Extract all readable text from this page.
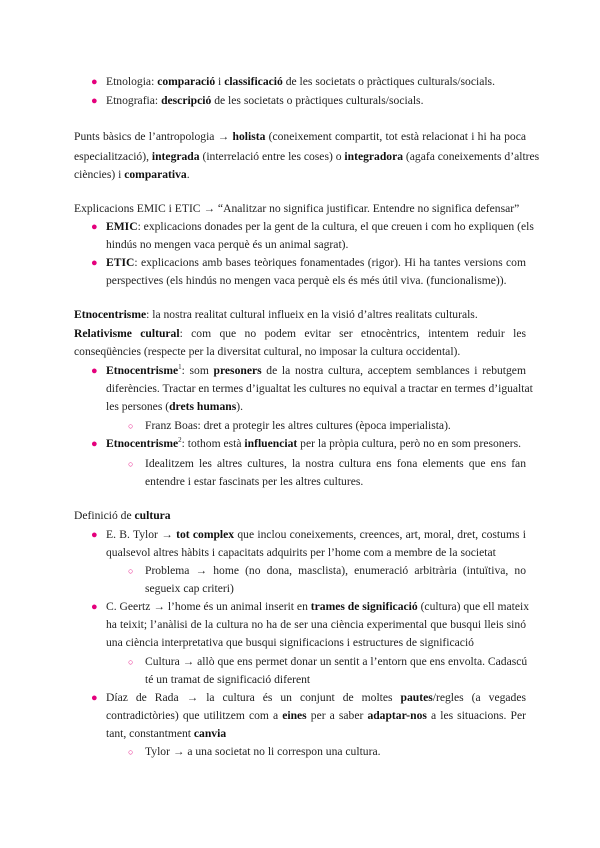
● Etnologia: comparació i classificació de les societats o pràctiques culturals/socials.
● Etnografia: descripció de les societats o pràctiques culturals/socials.
Punts bàsics de l’antropologia → holista (coneixement compartit, tot està relacionat i hi ha poca
especialització), integrada (interrelació entre les coses) o integradora (agafa coneixements d’altres
ciències) i comparativa.
Explicacions EMIC i ETIC → “Analitzar no significa justificar. Entendre no significa defensar”
● EMIC: explicacions donades per la gent de la cultura, el que creuen i com ho expliquen (els
hindús no mengen vaca perquè és un animal sagrat).
● ETIC: explicacions amb bases teòriques fonamentades (rigor). Hi ha tantes versions com
perspectives (els hindús no mengen vaca perquè els és més útil viva. (funcionalisme)).
Etnocentrisme: la nostra realitat cultural influeix en la visió d’altres realitats culturals.
Relativisme cultural: com que no podem evitar ser etnocèntrics, intentem reduir les
conseqüències (respecte per la diversitat cultural, no imposar la cultura occidental).
● Etnocentrisme$^1$: som presoners de la nostra cultura, acceptem semblances i rebutgem
diferències. Tractar en termes d’igualtat les cultures no equival a tractar en termes d’igualtat
les persones (drets humans).
○ Franz Boas: dret a protegir les altres cultures (època imperialista).
● Etnocentrisme$^2$: tothom està influenciat per la pròpia cultura, però no en som presoners.
○ Idealitzem les altres cultures, la nostra cultura ens fona elements que ens fan
entendre i estar fascinats per les altres cultures.
Definició de cultura
● E. B. Tylor → tot complex que inclou coneixements, creences, art, moral, dret, costums i
qualsevol altres hàbits i capacitats adquirits per l’home com a membre de la societat
○ Problema → home (no dona, masclista), enumeració arbitrària (intuïtiva, no
segueix cap criteri)
● C. Geertz → l’home és un animal inserit en trames de significació (cultura) que ell mateix
ha teixit; l’anàlisi de la cultura no ha de ser una ciència experimental que busqui lleis sinó
una ciència interpretativa que busqui significacions i estructures de significació
○ Cultura → allò que ens permet donar un sentit a l’entorn que ens envolta. Cadascú
té un tramat de significació diferent
● Díaz de Rada → la cultura és un conjunt de moltes pautes/regles (a vegades
contradictòries) que utilitzem com a eines per a saber adaptar-nos a les situacions. Per
tant, constantment canvia
○ Tylor → a una societat no li correspon una cultura.
